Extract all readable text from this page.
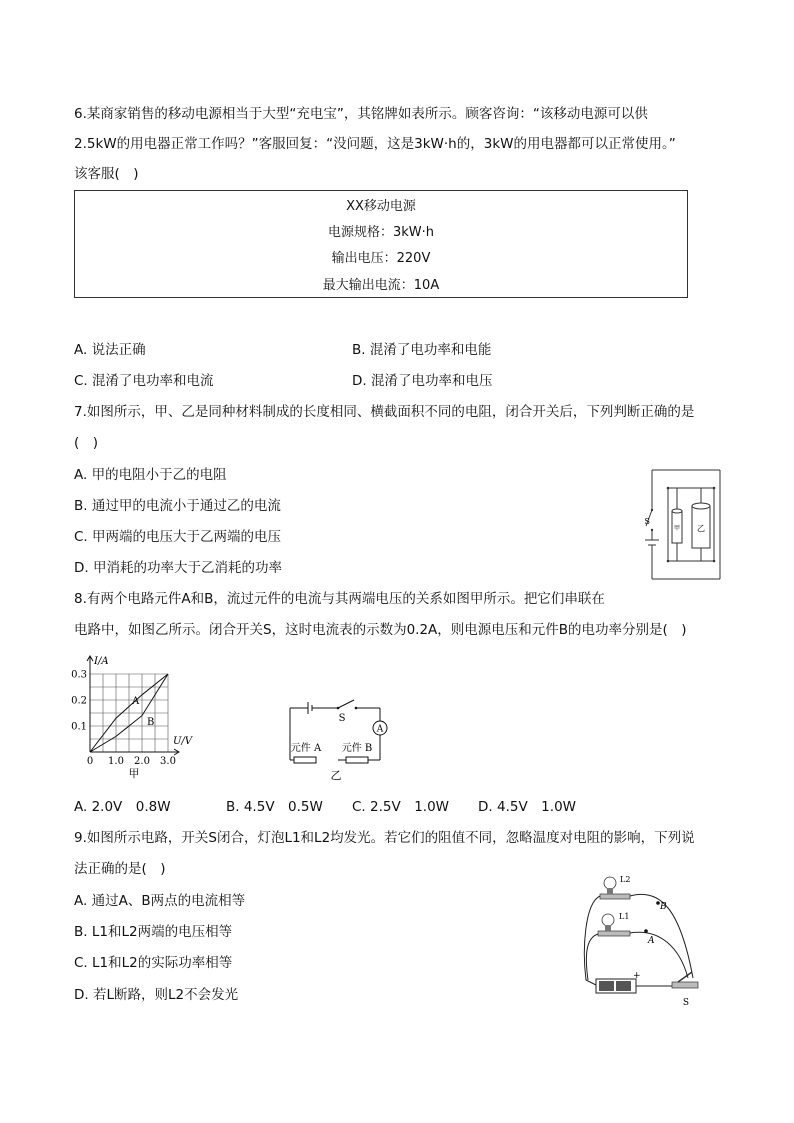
6.某商家销售的移动电源相当于大型“充电宝”，其铭牌如表所示。顾客咨询：“该移动电源可以供
2.5kW的用电器正常工作吗？”客服回复：“没问题，这是3kW·h的，3kW的用电器都可以正常使用。”
该客服(　)
XX移动电源
电源规格：3kW·h
输出电压：220V
最大输出电流：10A
A. 说法正确	B. 混淆了电功率和电能
C. 混淆了电功率和电流	D. 混淆了电功率和电压
7.如图所示，甲、乙是同种材料制成的长度相同、横截面积不同的电阻，闭合开关后，下列判断正确的是
(　)
A. 甲的电阻小于乙的电阻
B. 通过甲的电流小于通过乙的电流
C. 甲两端的电压大于乙两端的电压
D. 甲消耗的功率大于乙消耗的功率
S
甲 乙
8.有两个电路元件A和B，流过元件的电流与其两端电压的关系如图甲所示。把它们串联在
电路中，如图乙所示。闭合开关S，这时电流表的示数为0.2A，则电源电压和元件B的电功率分别是(　)
0.3
0.2
0.1
0 1.0 2.0 3.0
I/A
U/V
A
B
甲
A
S
元件 A 元件 B
乙
A. 2.0V　0.8W	B. 4.5V　0.5W C. 2.5V　1.0W D. 4.5V　1.0W
9.如图所示电路，开关S闭合，灯泡L1和L2均发光。若它们的阻值不同，忽略温度对电阻的影响，下列说
法正确的是(　)
A. 通过A、B两点的电流相等
B. L1和L2两端的电压相等
C. L1和L2的实际功率相等
D. 若L断路，则L2不会发光
L2
L1
+
S
B
A
